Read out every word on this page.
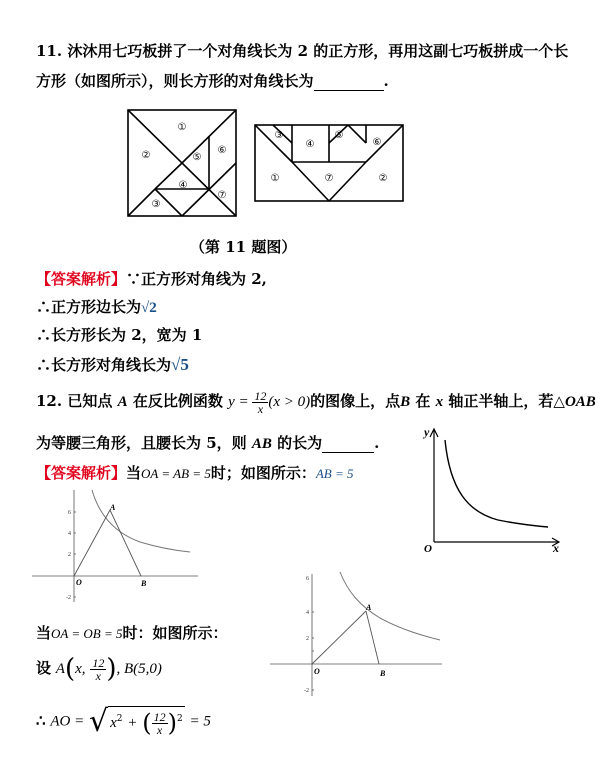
11. 沐沐用七巧板拼了一个对角线长为 2 的正方形，再用这副七巧板拼成一个长
方形（如图所示），则长方形的对角线长为	.
①
②
③
④
⑤
⑥
⑦
①	②
③
④
⑤
⑥
⑦
（第 11 题图）
【答案解析】∵正方形对角线为 2,
∴正方形边长为√2
∴长方形长为 2，宽为 1
∴长方形对角线长为√5
12. 已知点 A 在反比例函数 $y = \frac{12}{x} (x > 0)$的图像上，点B 在 x 轴正半轴上，若△OAB
为等腰三角形，且腰长为 5，则 AB 的长为	.
【答案解析】当OA = AB = 5时；如图所示：AB = 5
y
x
O
6
4
2
-2
O
A
B	6
4
2
-2
O
A
B
当OA = OB = 5时：如图所示：
设 A(x, $\frac{12}{x}$ ), B(5,0)
∴ AO = √ $x^2$ + ( $\frac{12}{x} )^2 = 5$
